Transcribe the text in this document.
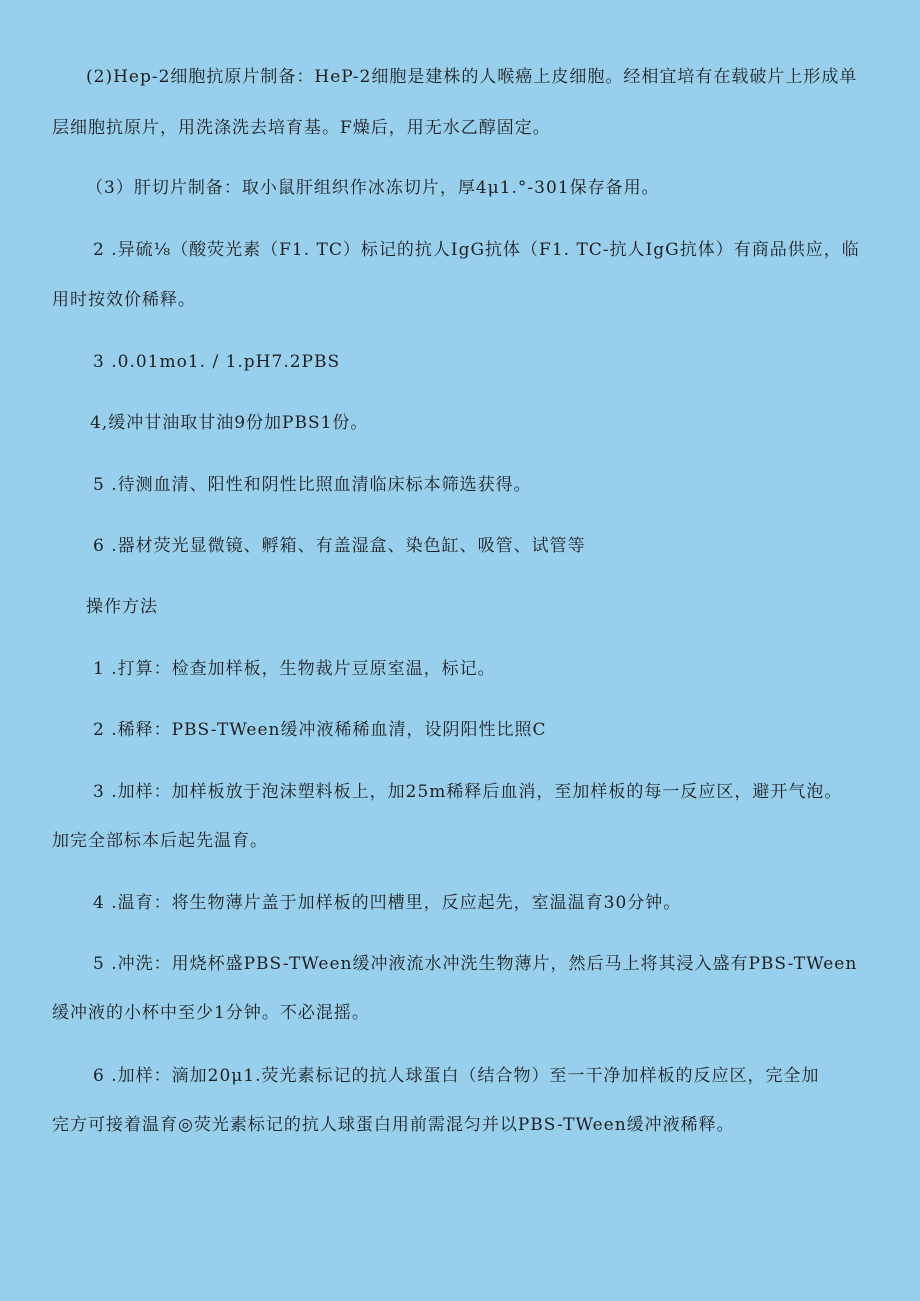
(2)Hep-2细胞抗原片制备：HeP-2细胞是建株的人喉癌上皮细胞。经相宜培有在载破片上形成单
层细胞抗原片，用洗涤洗去培育基。F燥后，用无水乙醇固定。
（3）肝切片制备：取小鼠肝组织作冰冻切片，厚4μ1.°-301保存备用。
2 .异硫⅛（酸荧光素（F1. TC）标记的抗人IgG抗体（F1. TC-抗人IgG抗体）有商品供应，临
用时按效价稀释。
3 .0.01mo1. / 1.pH7.2PBS
4,缓冲甘油取甘油9份加PBS1份。
5 .待测血清、阳性和阴性比照血清临床标本筛选获得。
6 .器材荧光显微镜、孵箱、有盖湿盒、染色缸、吸管、试管等
操作方法
1 .打算：检查加样板，生物裁片豆原室温，标记。
2 .稀释：PBS-TWeen缓冲液稀稀血清，设阴阳性比照C
3 .加样：加样板放于泡沫塑料板上，加25m稀释后血消，至加样板的每一反应区，避开气泡。
加完全部标本后起先温育。
4 .温育：将生物薄片盖于加样板的凹槽里，反应起先，室温温育30分钟。
5 .冲洗：用烧杯盛PBS-TWeen缓冲液流水冲洗生物薄片，然后马上将其浸入盛有PBS-TWeen
缓冲液的小杯中至少1分钟。不必混摇。
6 .加样：滴加20μ1.荧光素标记的抗人球蛋白（结合物）至一干净加样板的反应区，完全加
完方可接着温育◎荧光素标记的抗人球蛋白用前需混匀并以PBS-TWeen缓冲液稀释。
